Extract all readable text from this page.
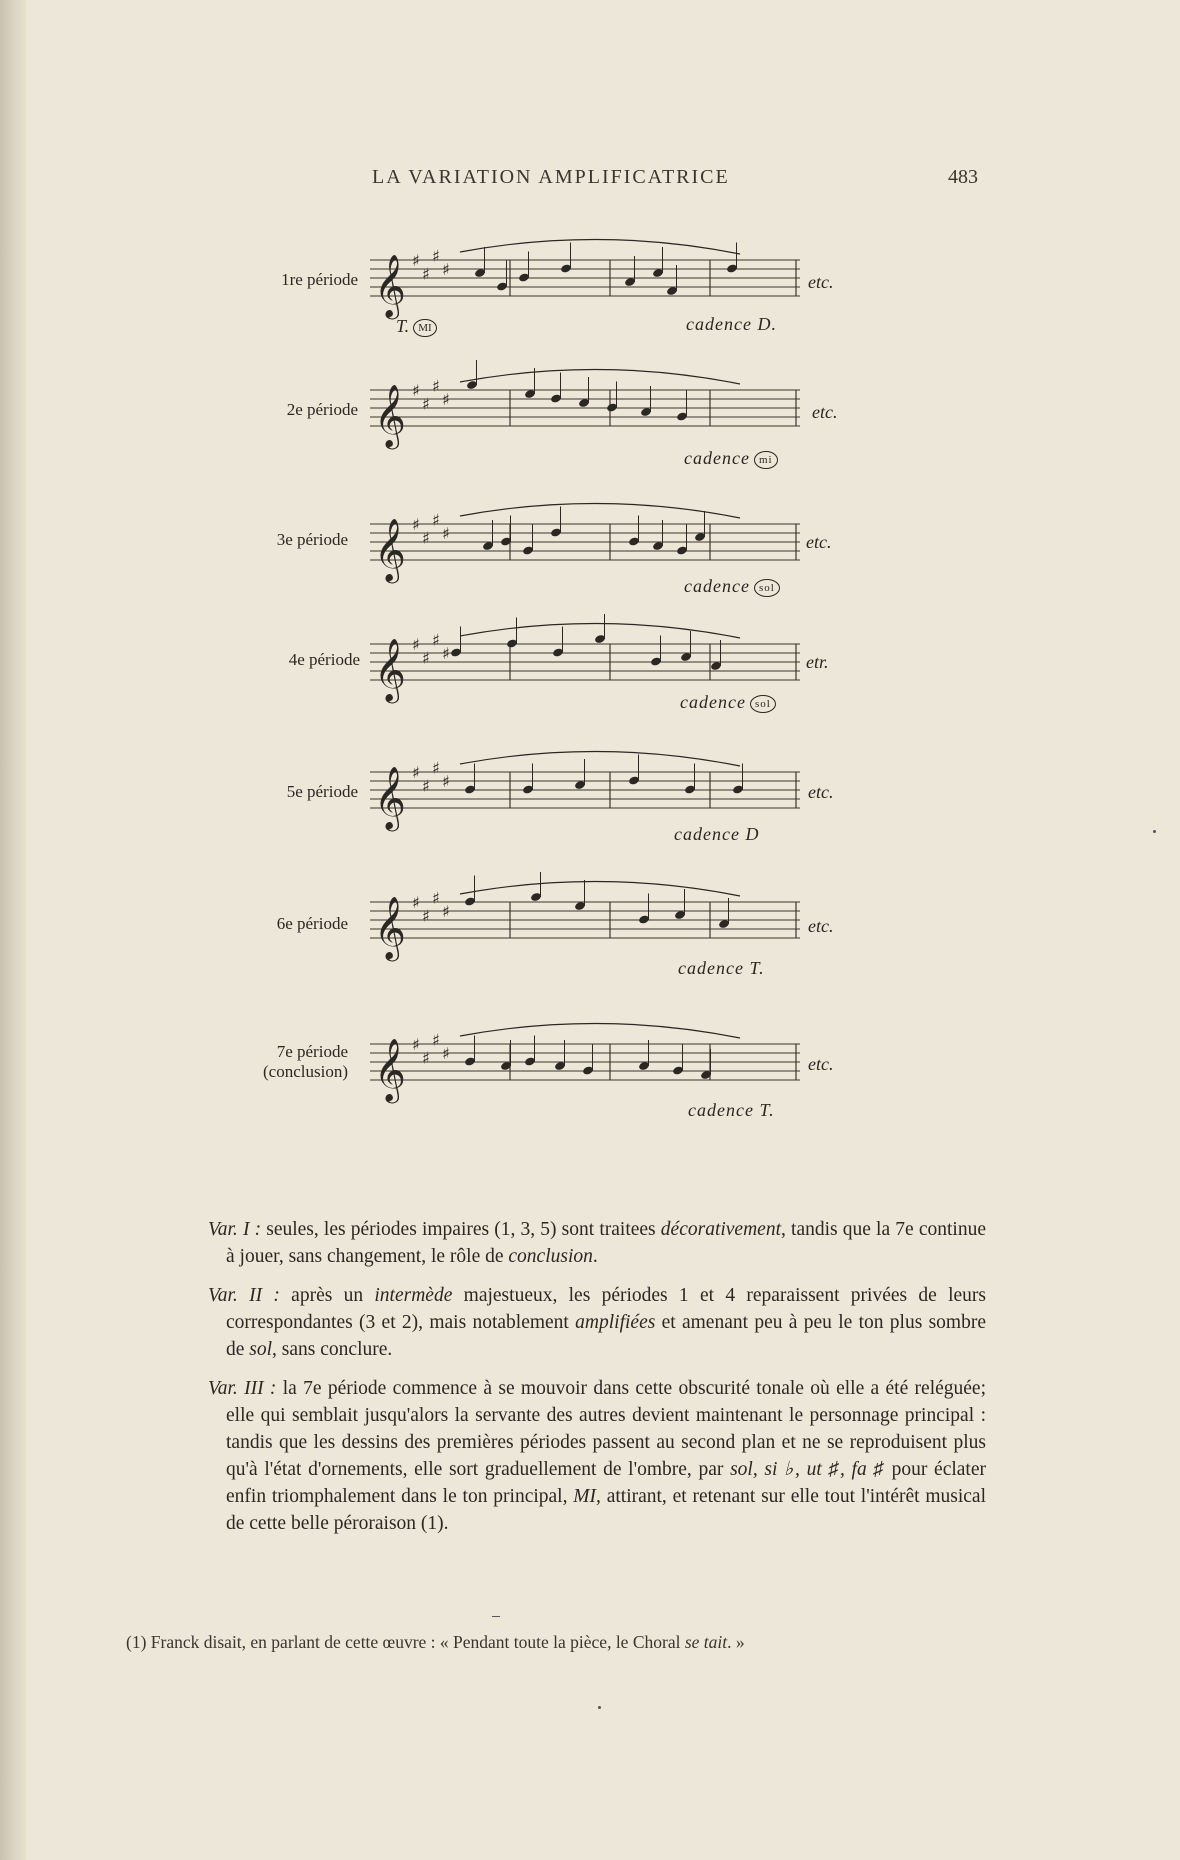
LA VARIATION AMPLIFICATRICE	483
1re période 𝄞 ♯
♯
♯
♯
etc.
T. MI	cadence D.
2e période 𝄞 ♯
♯
♯
♯
etc.
cadence mi
3e période 𝄞 ♯
♯
♯
♯	etc.
cadence sol
4e période 𝄞 ♯
♯
♯
♯	etr.
cadence sol
5e période 𝄞 ♯
♯
♯
♯
etc.
cadence D
6e période 𝄞 ♯
♯
♯
♯
etc.
cadence T.
7e période
(conclusion) 𝄞 ♯
♯
♯
♯
etc.
cadence T.

Var. I : seules, les périodes impaires (1, 3, 5) sont traitees décorativement, tandis que la 7e continue à jouer, sans changement, le rôle de conclusion.

Var. II : après un intermède majestueux, les périodes 1 et 4 reparaissent privées de leurs correspondantes (3 et 2), mais notablement amplifiées et amenant peu à peu le ton plus sombre de sol, sans conclure.

Var. III : la 7e période commence à se mouvoir dans cette obscurité tonale où elle a été reléguée; elle qui semblait jusqu'alors la servante des autres devient maintenant le personnage principal : tandis que les dessins des premières périodes passent au second plan et ne se reproduisent plus qu'à l'état d'ornements, elle sort graduellement de l'ombre, par sol, si ♭, ut ♯, fa ♯ pour éclater enfin triomphalement dans le ton principal, MI, attirant, et retenant sur elle tout l'intérêt musical de cette belle péroraison (1).

(1) Franck disait, en parlant de cette œuvre : « Pendant toute la pièce, le Choral se tait. »
